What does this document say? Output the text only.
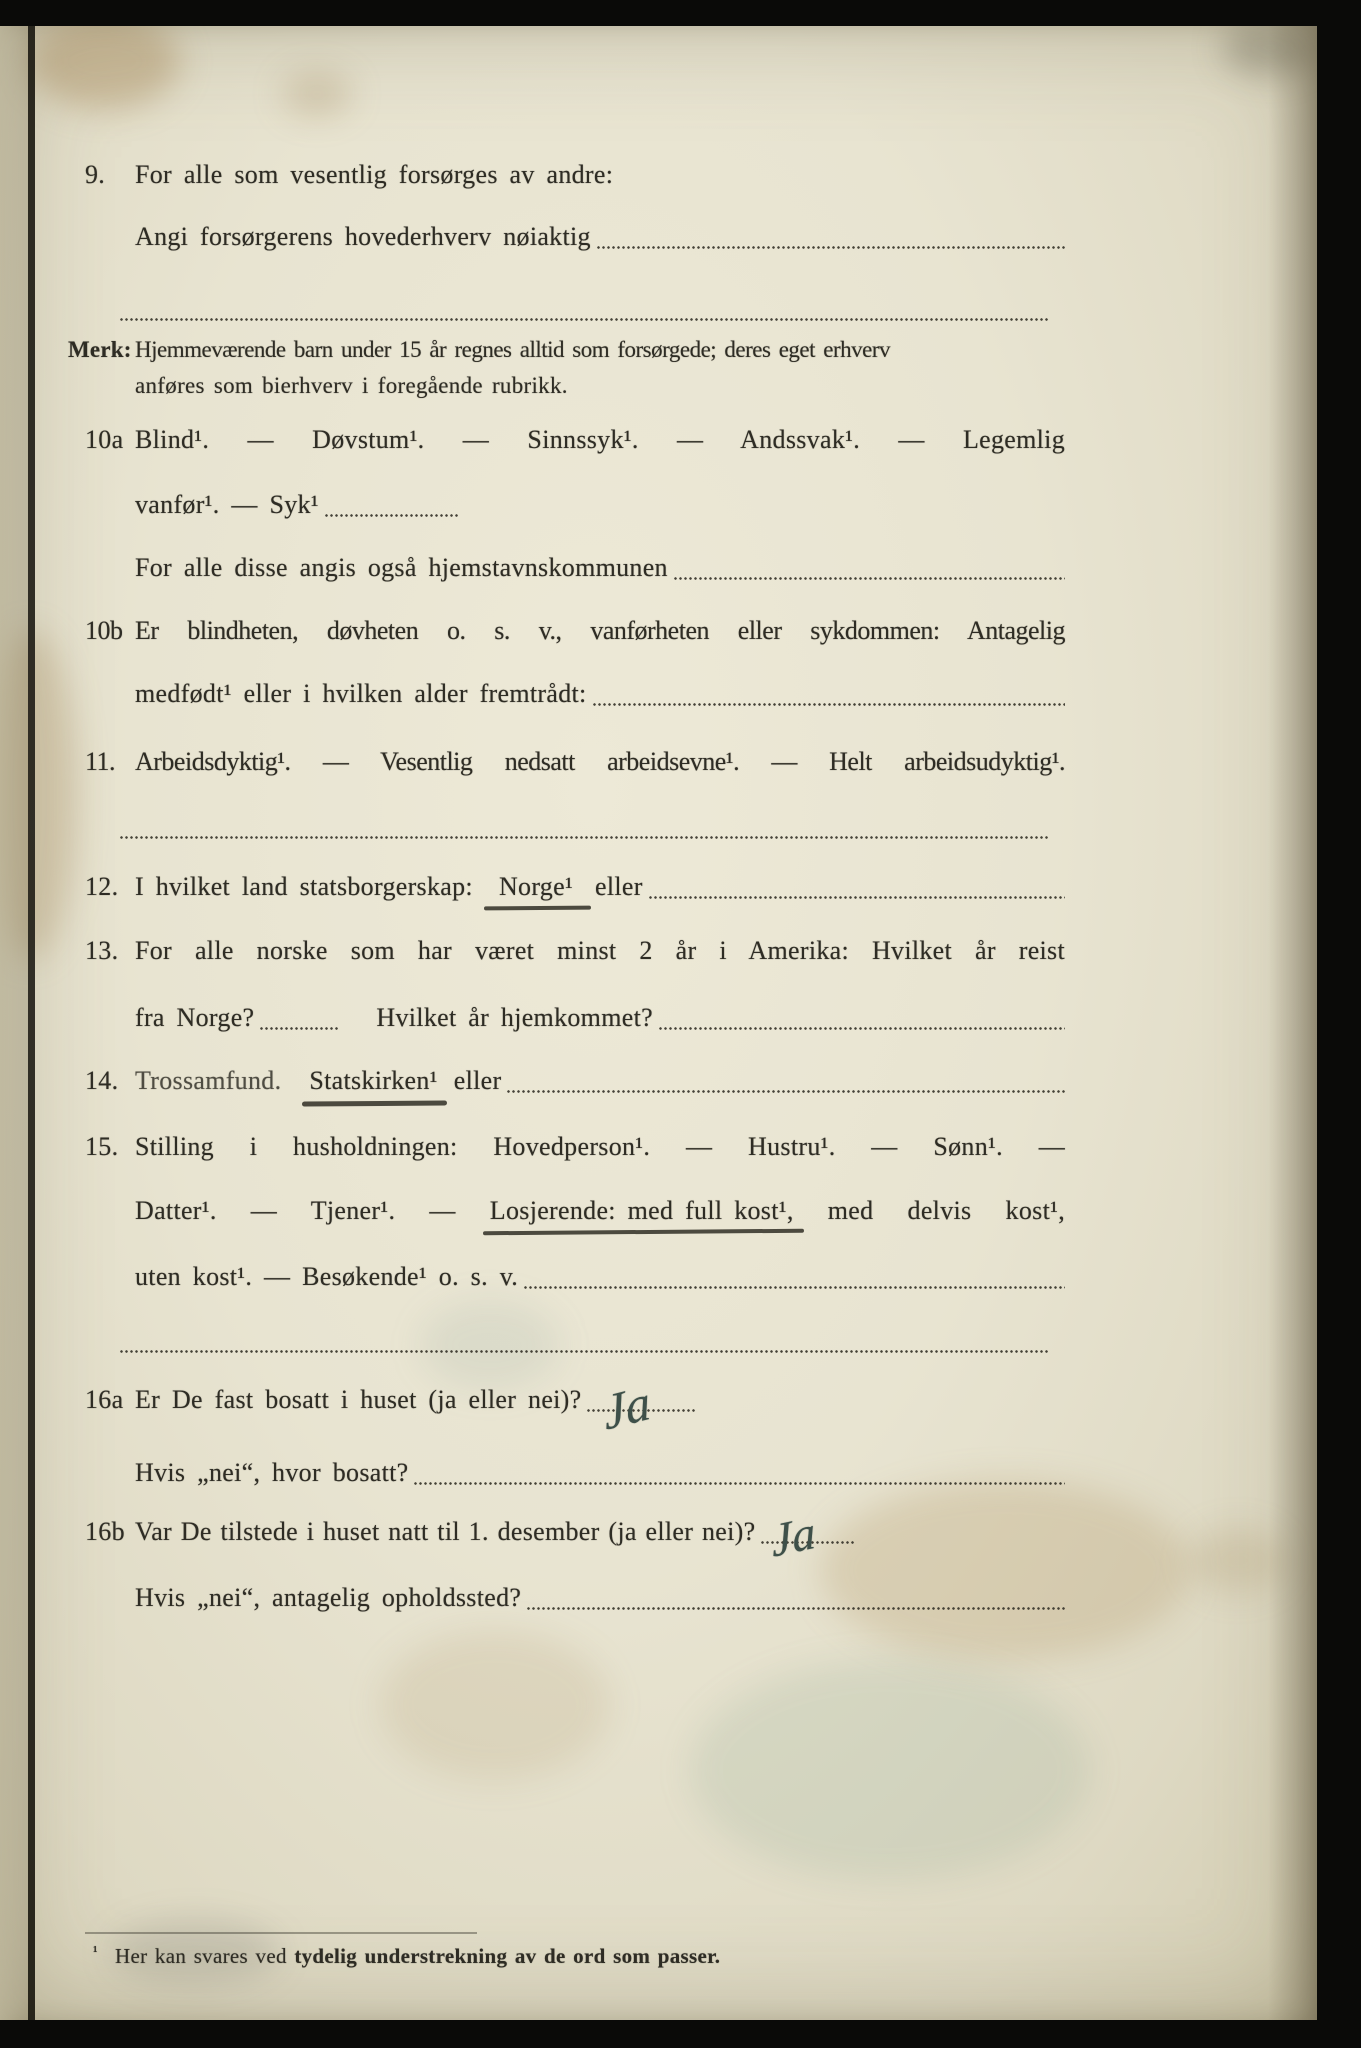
9. For alle som vesentlig forsørges av andre:
Angi forsørgerens hovederhverv nøiaktig
Merk: Hjemmeværende barn under 15 år regnes alltid som forsørgede; deres eget erhverv
anføres som bierhverv i foregående rubrikk.
10a Blind¹. — Døvstum¹. — Sinnssyk¹. — Andssvak¹. — Legemlig
vanfør¹. — Syk¹
For alle disse angis også hjemstavnskommunen
10b Er blindheten, døvheten o. s. v., vanførheten eller sykdommen: Antagelig
medfødt¹ eller i hvilken alder fremtrådt:
11. Arbeidsdyktig¹. — Vesentlig nedsatt arbeidsevne¹. — Helt arbeidsudyktig¹.
12. I hvilket land statsborgerskap:	Norge¹ eller
13. For alle norske som har været minst 2 år i Amerika: Hvilket år reist
fra Norge?	Hvilket år hjemkommet?
14. Trossamfund. Statskirken¹ eller
15. Stilling i husholdningen: Hovedperson¹. — Hustru¹. — Sønn¹. —
Datter¹. — Tjener¹. — Losjerende: med full kost¹, med delvis kost¹,
uten kost¹. — Besøkende¹ o. s. v.
16a Er De fast bosatt i huset (ja eller nei)? Ja
Hvis „nei“, hvor bosatt?
16b Var De tilstede i huset natt til 1. desember (ja eller nei)? Ja
Hvis „nei“, antagelig opholdssted?
¹ Her kan svares ved tydelig understrekning av de ord som passer.
